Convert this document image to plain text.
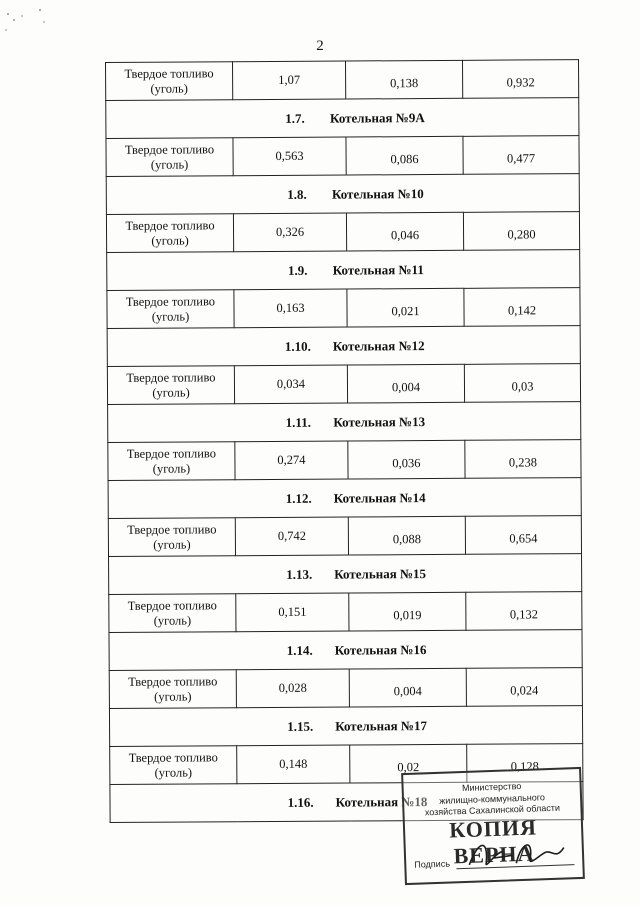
2
Твердое топливо
(уголь)	1,07	0,138	0,932
1.7. Котельная №9А			
Твердое топливо
(уголь)	0,563	0,086	0,477
1.8. Котельная №10			
Твердое топливо
(уголь)	0,326	0,046	0,280
1.9. Котельная №11			
Твердое топливо
(уголь)	0,163	0,021	0,142
1.10. Котельная №12			
Твердое топливо
(уголь)	0,034	0,004	0,03
1.11. Котельная №13			
Твердое топливо
(уголь)	0,274	0,036	0,238
1.12. Котельная №14			
Твердое топливо
(уголь)	0,742	0,088	0,654
1.13. Котельная №15			
Твердое топливо
(уголь)	0,151	0,019	0,132
1.14. Котельная №16			
Твердое топливо
(уголь)	0,028	0,004	0,024
1.15. Котельная №17			
Твердое топливо
(уголь)	0,148	0,02	0,128
1.16. Котельная №18			
Министерство
жилищно-коммунального
хозяйства Сахалинской области
КОПИЯ ВЕРНА
Подпись
